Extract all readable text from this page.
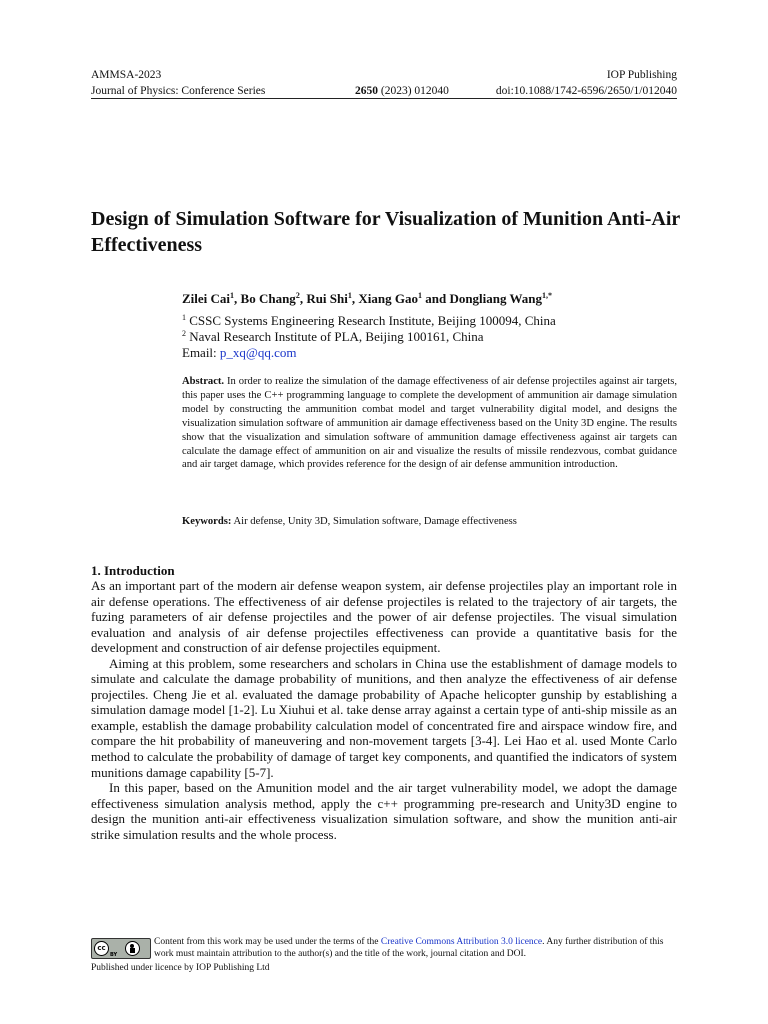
AMMSA-2023	IOP Publishing
Journal of Physics: Conference Series	2650 (2023) 012040	doi:10.1088/1742-6596/2650/1/012040
Design of Simulation Software for Visualization of Munition Anti-Air Effectiveness
Zilei Cai$^1$, Bo Chang$^2$, Rui Shi$^1$, Xiang Gao$^1$ and Dongliang Wang$^{1,*}$
$^1$ CSSC Systems Engineering Research Institute, Beijing 100094, China
$^2$ Naval Research Institute of PLA, Beijing 100161, China
Email: p_xq@qq.com
Abstract. In order to realize the simulation of the damage effectiveness of air defense projectiles against air targets, this paper uses the C++ programming language to complete the development of ammunition air damage simulation model by constructing the ammunition combat model and target vulnerability digital model, and designs the visualization simulation software of ammunition air damage effectiveness based on the Unity 3D engine. The results show that the visualization and simulation software of ammunition damage effectiveness against air targets can calculate the damage effect of ammunition on air and visualize the results of missile rendezvous, combat guidance and air target damage, which provides reference for the design of air defense ammunition introduction.
Keywords: Air defense, Unity 3D, Simulation software, Damage effectiveness
1. Introduction

As an important part of the modern air defense weapon system, air defense projectiles play an important role in air defense operations. The effectiveness of air defense projectiles is related to the trajectory of air targets, the fuzing parameters of air defense projectiles and the power of air defense projectiles. The visual simulation evaluation and analysis of air defense projectiles effectiveness can provide a quantitative basis for the development and construction of air defense projectiles equipment.

Aiming at this problem, some researchers and scholars in China use the establishment of damage models to simulate and calculate the damage probability of munitions, and then analyze the effectiveness of air defense projectiles. Cheng Jie et al. evaluated the damage probability of Apache helicopter gunship by establishing a simulation damage model [1-2]. Lu Xiuhui et al. take dense array against a certain type of anti-ship missile as an example, establish the damage probability calculation model of concentrated fire and airspace window fire, and compare the hit probability of maneuvering and non-movement targets [3-4]. Lei Hao et al. used Monte Carlo method to calculate the probability of damage of target key components, and quantified the indicators of system munitions damage capability [5-7].

In this paper, based on the Amunition model and the air target vulnerability model, we adopt the damage effectiveness simulation analysis method, apply the c++ programming pre-research and Unity3D engine to design the munition anti-air effectiveness visualization simulation software, and show the munition anti-air strike simulation results and the whole process.

cc
BY
Content from this work may be used under the terms of the Creative Commons Attribution 3.0 licence. Any further distribution of this work must maintain attribution to the author(s) and the title of the work, journal citation and DOI.
Published under licence by IOP Publishing Ltd
